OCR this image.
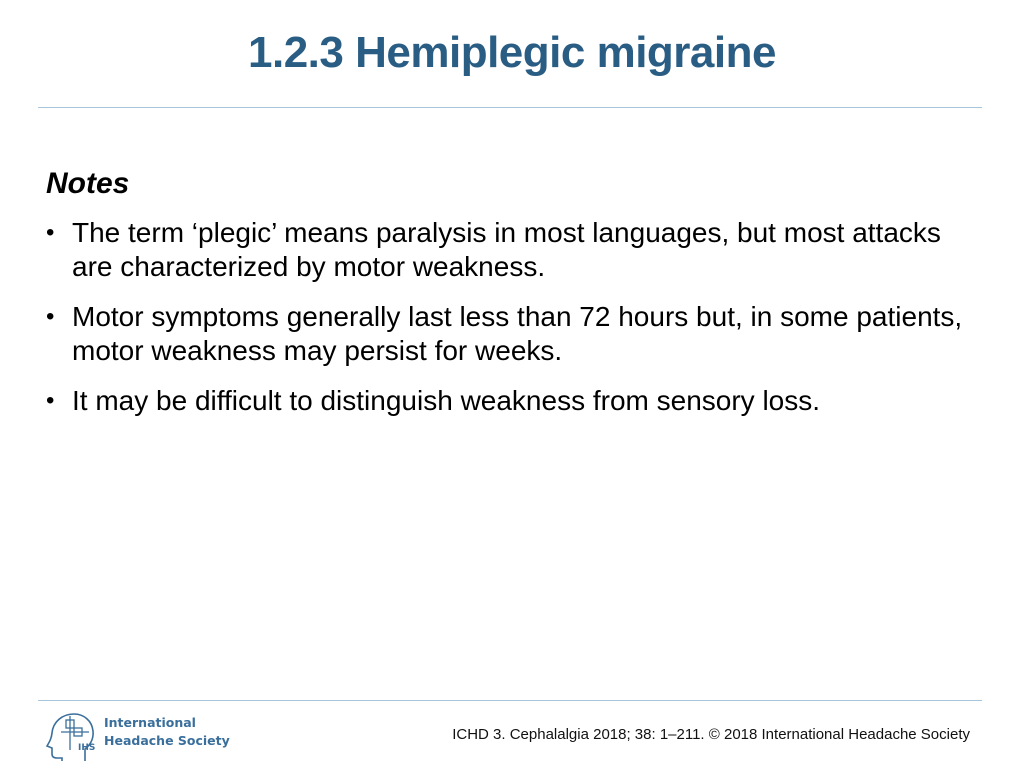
1.2.3 Hemiplegic migraine

Notes

• The term ‘plegic’ means paralysis in most languages, but most attacks are characterized by motor weakness.
• Motor symptoms generally last less than 72 hours but, in some patients, motor weakness may persist for weeks.
• It may be difficult to distinguish weakness from sensory loss.
IHS
International
Headache Society	ICHD 3. Cephalalgia 2018; 38: 1–211. © 2018 International Headache Society
